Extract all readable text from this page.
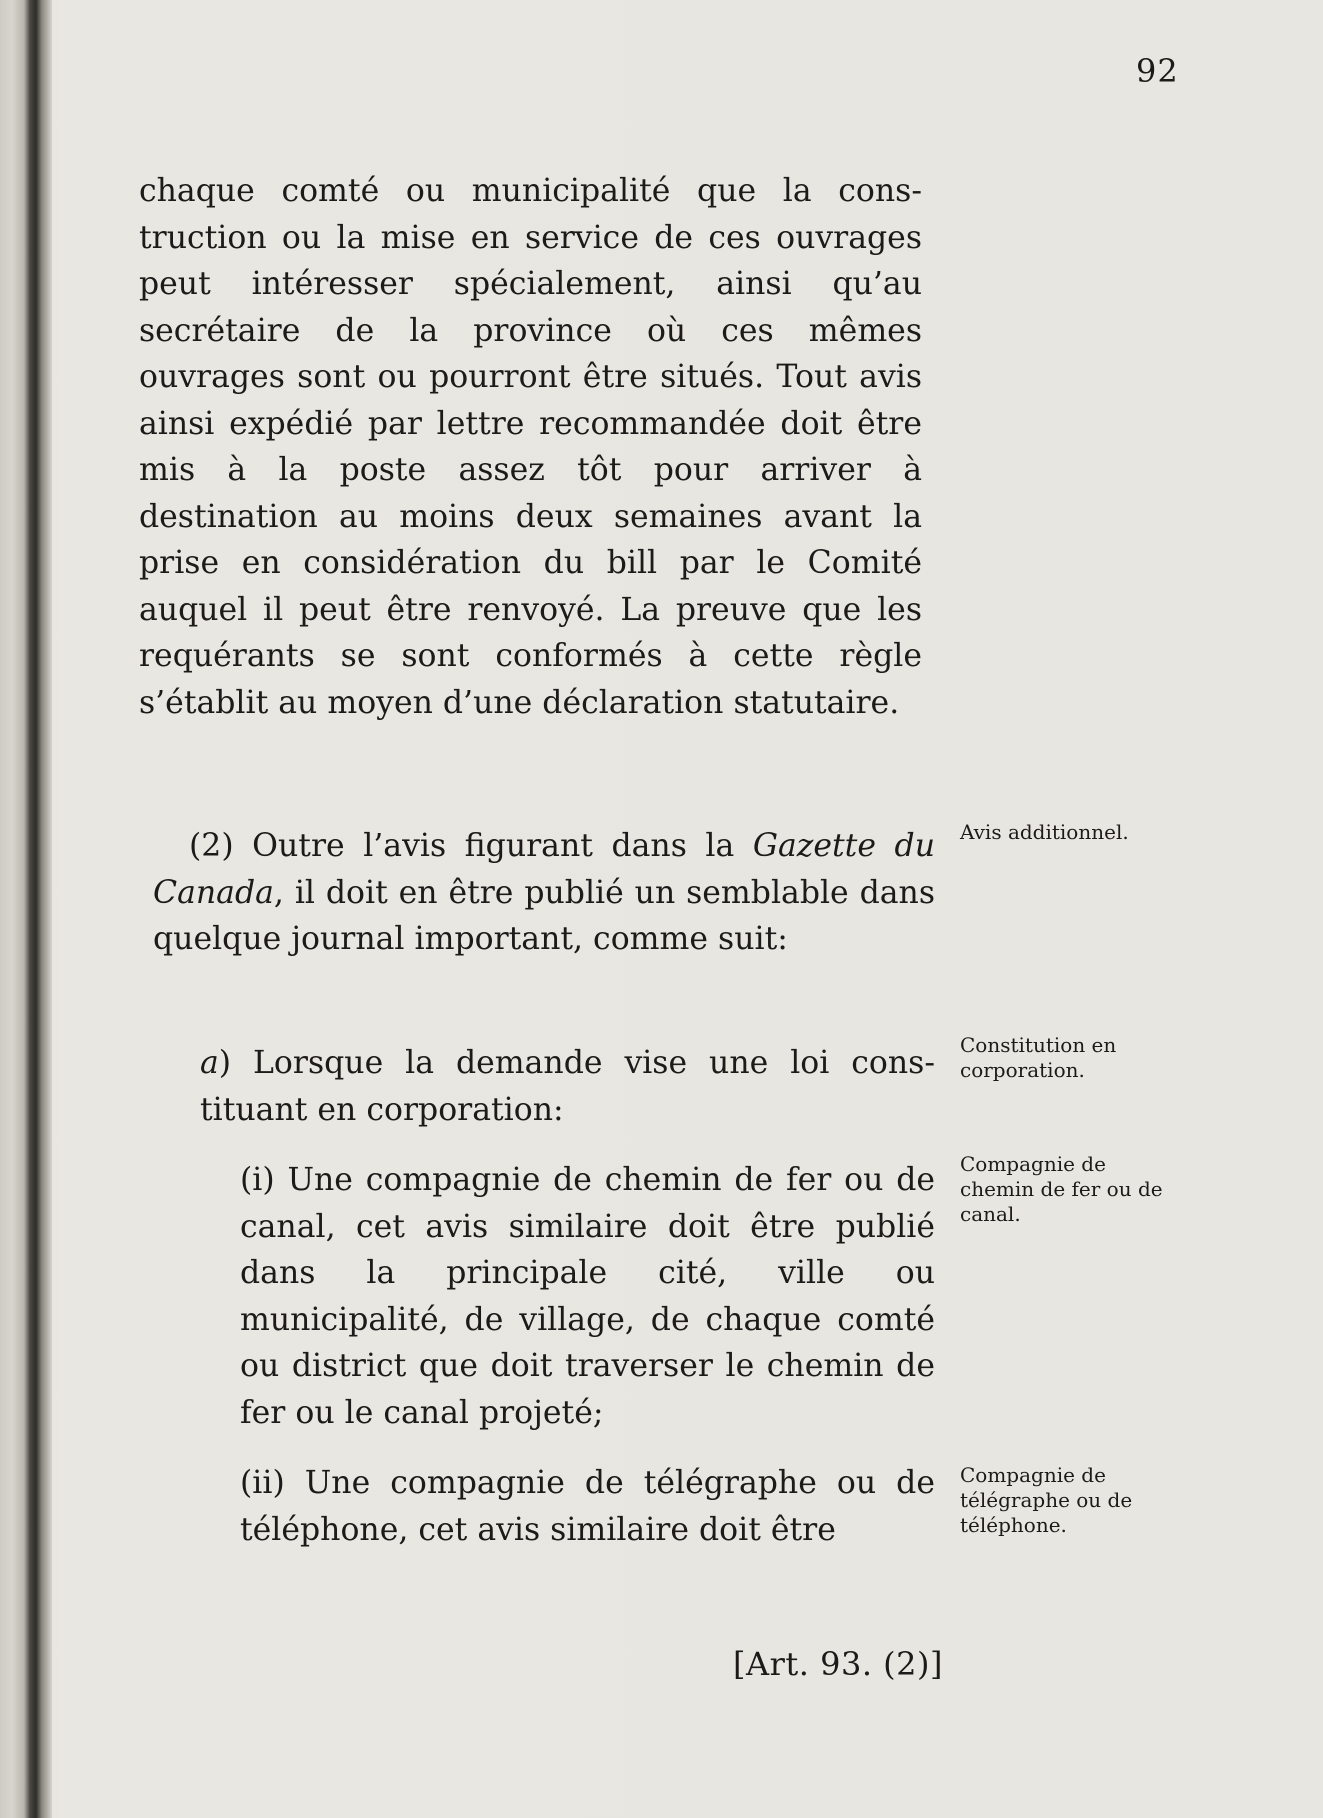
92
chaque comté ou municipalité que la construction ou la mise en service de ces ouvrages peut intéresser spécialement, ainsi qu’au secrétaire de la province où ces mêmes ouvrages sont ou pourront être situés. Tout avis ainsi expédié par lettre recommandée doit être mis à la poste assez tôt pour arriver à destination au moins deux semaines avant la prise en considération du bill par le Comité auquel il peut être renvoyé. La preuve que les requérants se sont conformés à cette règle s’établit au moyen d’une déclaration statutaire.
(2) Outre l’avis figurant dans la Gazette du Canada, il doit en être publié un semblable dans quelque journal important, comme suit:
a) Lorsque la demande vise une loi constituant en corporation:
(i) Une compagnie de chemin de fer ou de canal, cet avis similaire doit être publié dans la principale cité, ville ou municipalité, de village, de chaque comté ou district que doit traverser le chemin de fer ou le canal projeté;
(ii) Une compagnie de télégraphe ou de téléphone, cet avis similaire doit être
Avis additionnel.
Constitution en corporation.
Compagnie de chemin de fer ou de canal.
Compagnie de télégraphe ou de téléphone.
[Art. 93. (2)]
